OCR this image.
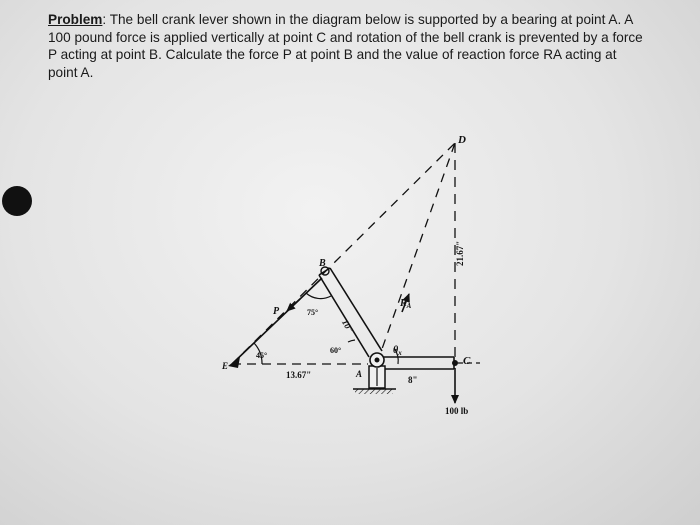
Problem: The bell crank lever shown in the diagram below is supported by a bearing at point A. A 100 pound force is applied vertically at point C and rotation of the bell crank is prevented by a force P acting at point B. Calculate the force P at point B and the value of reaction force RA acting at point A.
D
B
P	75°
E
45°
13.67"
10"
60°
A
$\theta_x$
$R_A$
21.67"
C
8"
100 lb
